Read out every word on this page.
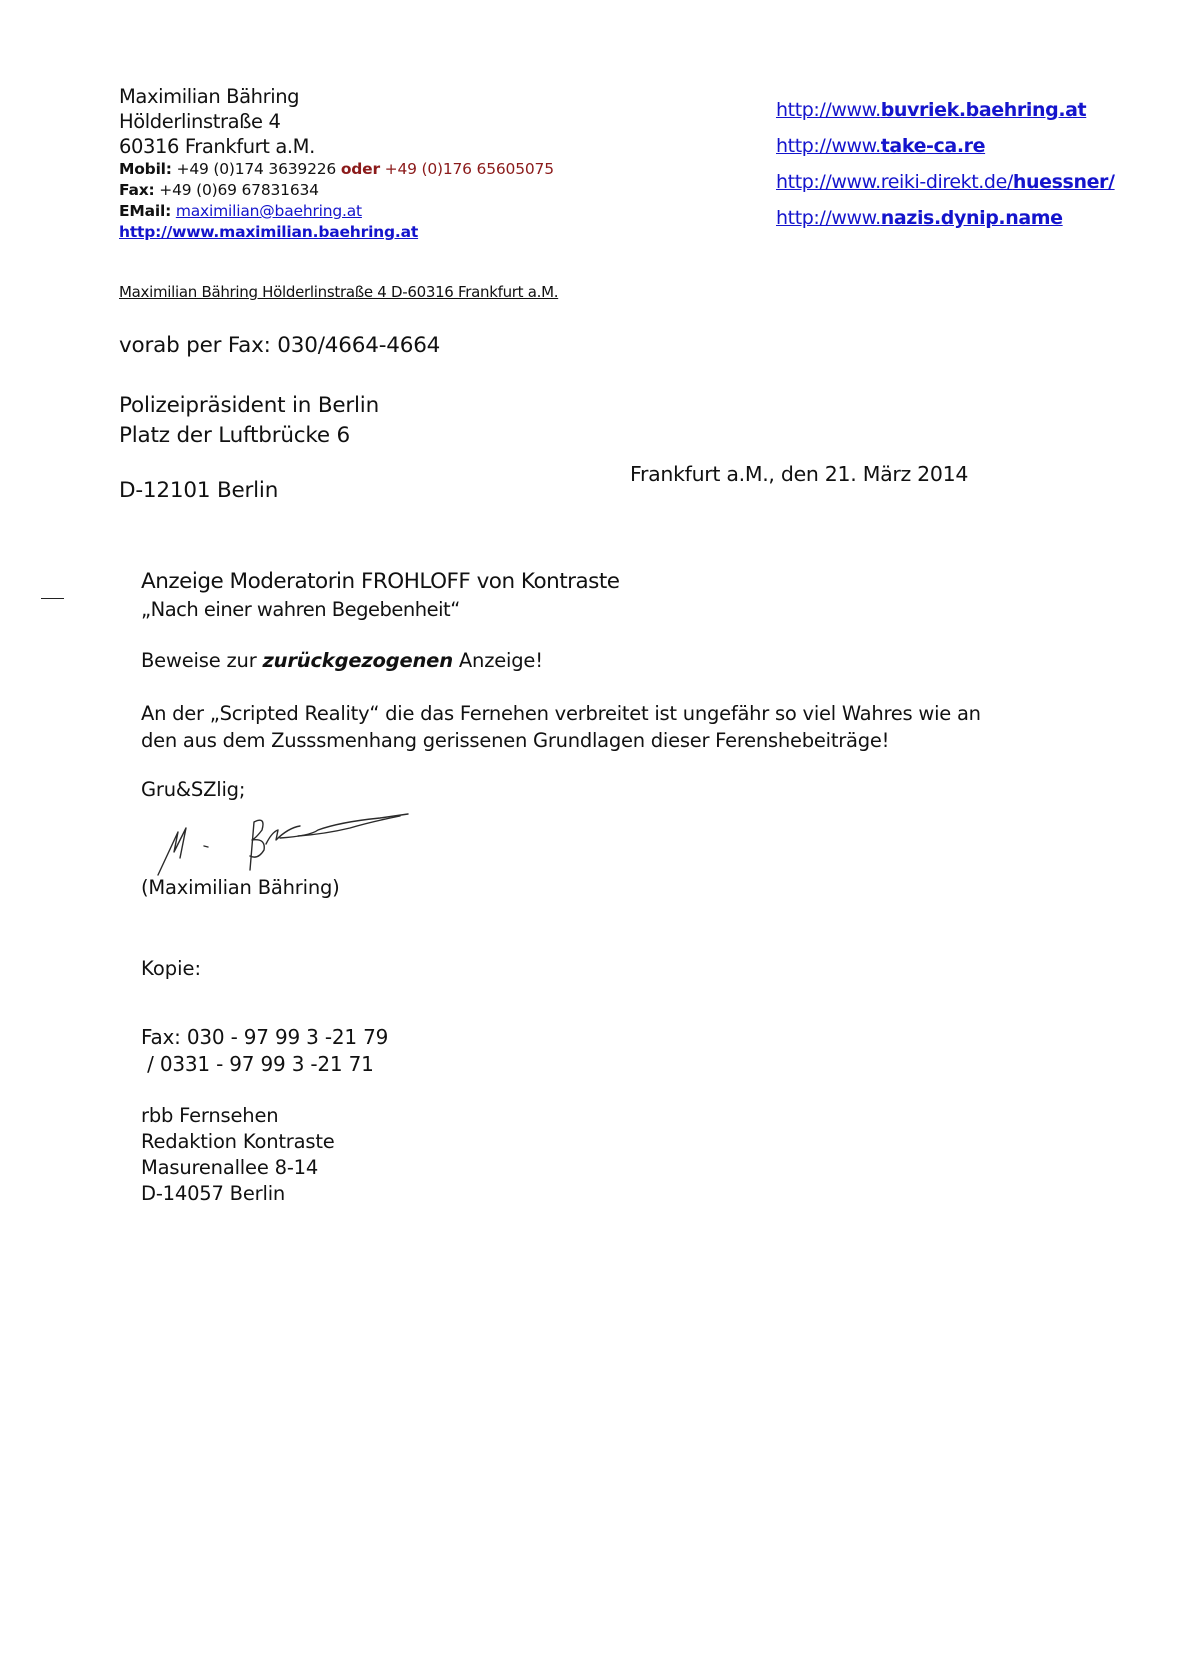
Maximilian Bähring
Hölderlinstraße 4
60316 Frankfurt a.M.
Mobil: +49 (0)174 3639226 oder +49 (0)176 65605075
Fax: +49 (0)69 67831634
EMail: maximilian@baehring.at
http://www.maximilian.baehring.at
http://www.buvriek.baehring.at
http://www.take-ca.re
http://www.reiki-direkt.de/huessner/
http://www.nazis.dynip.name
Maximilian Bähring Hölderlinstraße 4 D-60316 Frankfurt a.M.
vorab per Fax: 030/4664-4664
Polizeipräsident in Berlin
Platz der Luftbrücke 6
D-12101 Berlin
Frankfurt a.M., den 21. März 2014
Anzeige Moderatorin FROHLOFF von Kontraste
„Nach einer wahren Begebenheit“
Beweise zur zurückgezogenen Anzeige!
An der „Scripted Reality“ die das Fernehen verbreitet ist ungefähr so viel Wahres wie an
den aus dem Zusssmenhang gerissenen Grundlagen dieser Ferenshebeiträge!
Gru&SZlig;
(Maximilian Bähring)
Kopie:
Fax: 030 - 97 99 3 -21 79
/ 0331 - 97 99 3 -21 71
rbb Fernsehen
Redaktion Kontraste
Masurenallee 8-14
D-14057 Berlin
